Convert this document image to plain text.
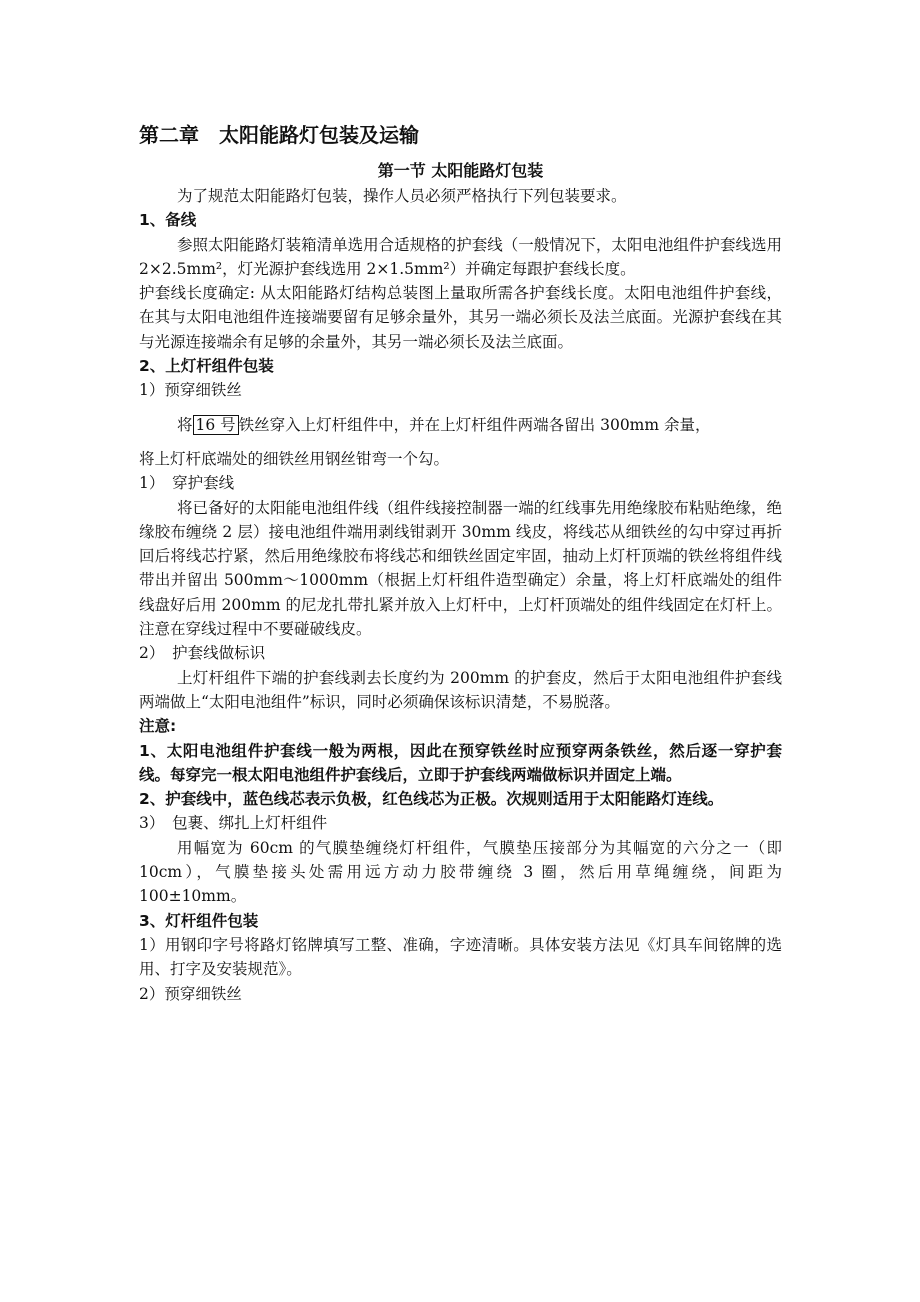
第二章　太阳能路灯包装及运输

第一节 太阳能路灯包装

为了规范太阳能路灯包装，操作人员必须严格执行下列包装要求。

1、备线

参照太阳能路灯装箱清单选用合适规格的护套线（一般情况下，太阳电池组件护套线选用 2×2.5mm²，灯光源护套线选用 2×1.5mm²）并确定每跟护套线长度。

护套线长度确定: 从太阳能路灯结构总装图上量取所需各护套线长度。太阳电池组件护套线，在其与太阳电池组件连接端要留有足够余量外，其另一端必须长及法兰底面。光源护套线在其与光源连接端余有足够的余量外，其另一端必须长及法兰底面。

2、上灯杆组件包装

1）预穿细铁丝

将 16 号 铁丝穿入上灯杆组件中，并在上灯杆组件两端各留出 300mm 余量，

将上灯杆底端处的细铁丝用钢丝钳弯一个勾。

1）　穿护套线

将已备好的太阳能电池组件线（组件线接控制器一端的红线事先用绝缘胶布粘贴绝缘，绝缘胶布缠绕 2 层）接电池组件端用剥线钳剥开 30mm 线皮，将线芯从细铁丝的勾中穿过再折回后将线芯拧紧，然后用绝缘胶布将线芯和细铁丝固定牢固，抽动上灯杆顶端的铁丝将组件线带出并留出 500mm～1000mm（根据上灯杆组件造型确定）余量，将上灯杆底端处的组件线盘好后用 200mm 的尼龙扎带扎紧并放入上灯杆中，上灯杆顶端处的组件线固定在灯杆上。注意在穿线过程中不要碰破线皮。

2）　护套线做标识

上灯杆组件下端的护套线剥去长度约为 200mm 的护套皮，然后于太阳电池组件护套线两端做上“太阳电池组件”标识，同时必须确保该标识清楚，不易脱落。

注意:

1、太阳电池组件护套线一般为两根，因此在预穿铁丝时应预穿两条铁丝，然后逐一穿护套线。每穿完一根太阳电池组件护套线后，立即于护套线两端做标识并固定上端。

2、护套线中，蓝色线芯表示负极，红色线芯为正极。次规则适用于太阳能路灯连线。

3）　包裹、绑扎上灯杆组件

用幅宽为 60cm 的气膜垫缠绕灯杆组件，气膜垫压接部分为其幅宽的六分之一（即 10cm），气膜垫接头处需用远方动力胶带缠绕 3 圈，然后用草绳缠绕，间距为 100±10mm。

3、灯杆组件包装

1）用钢印字号将路灯铭牌填写工整、准确，字迹清晰。具体安装方法见《灯具车间铭牌的选用、打字及安装规范》。

2）预穿细铁丝
